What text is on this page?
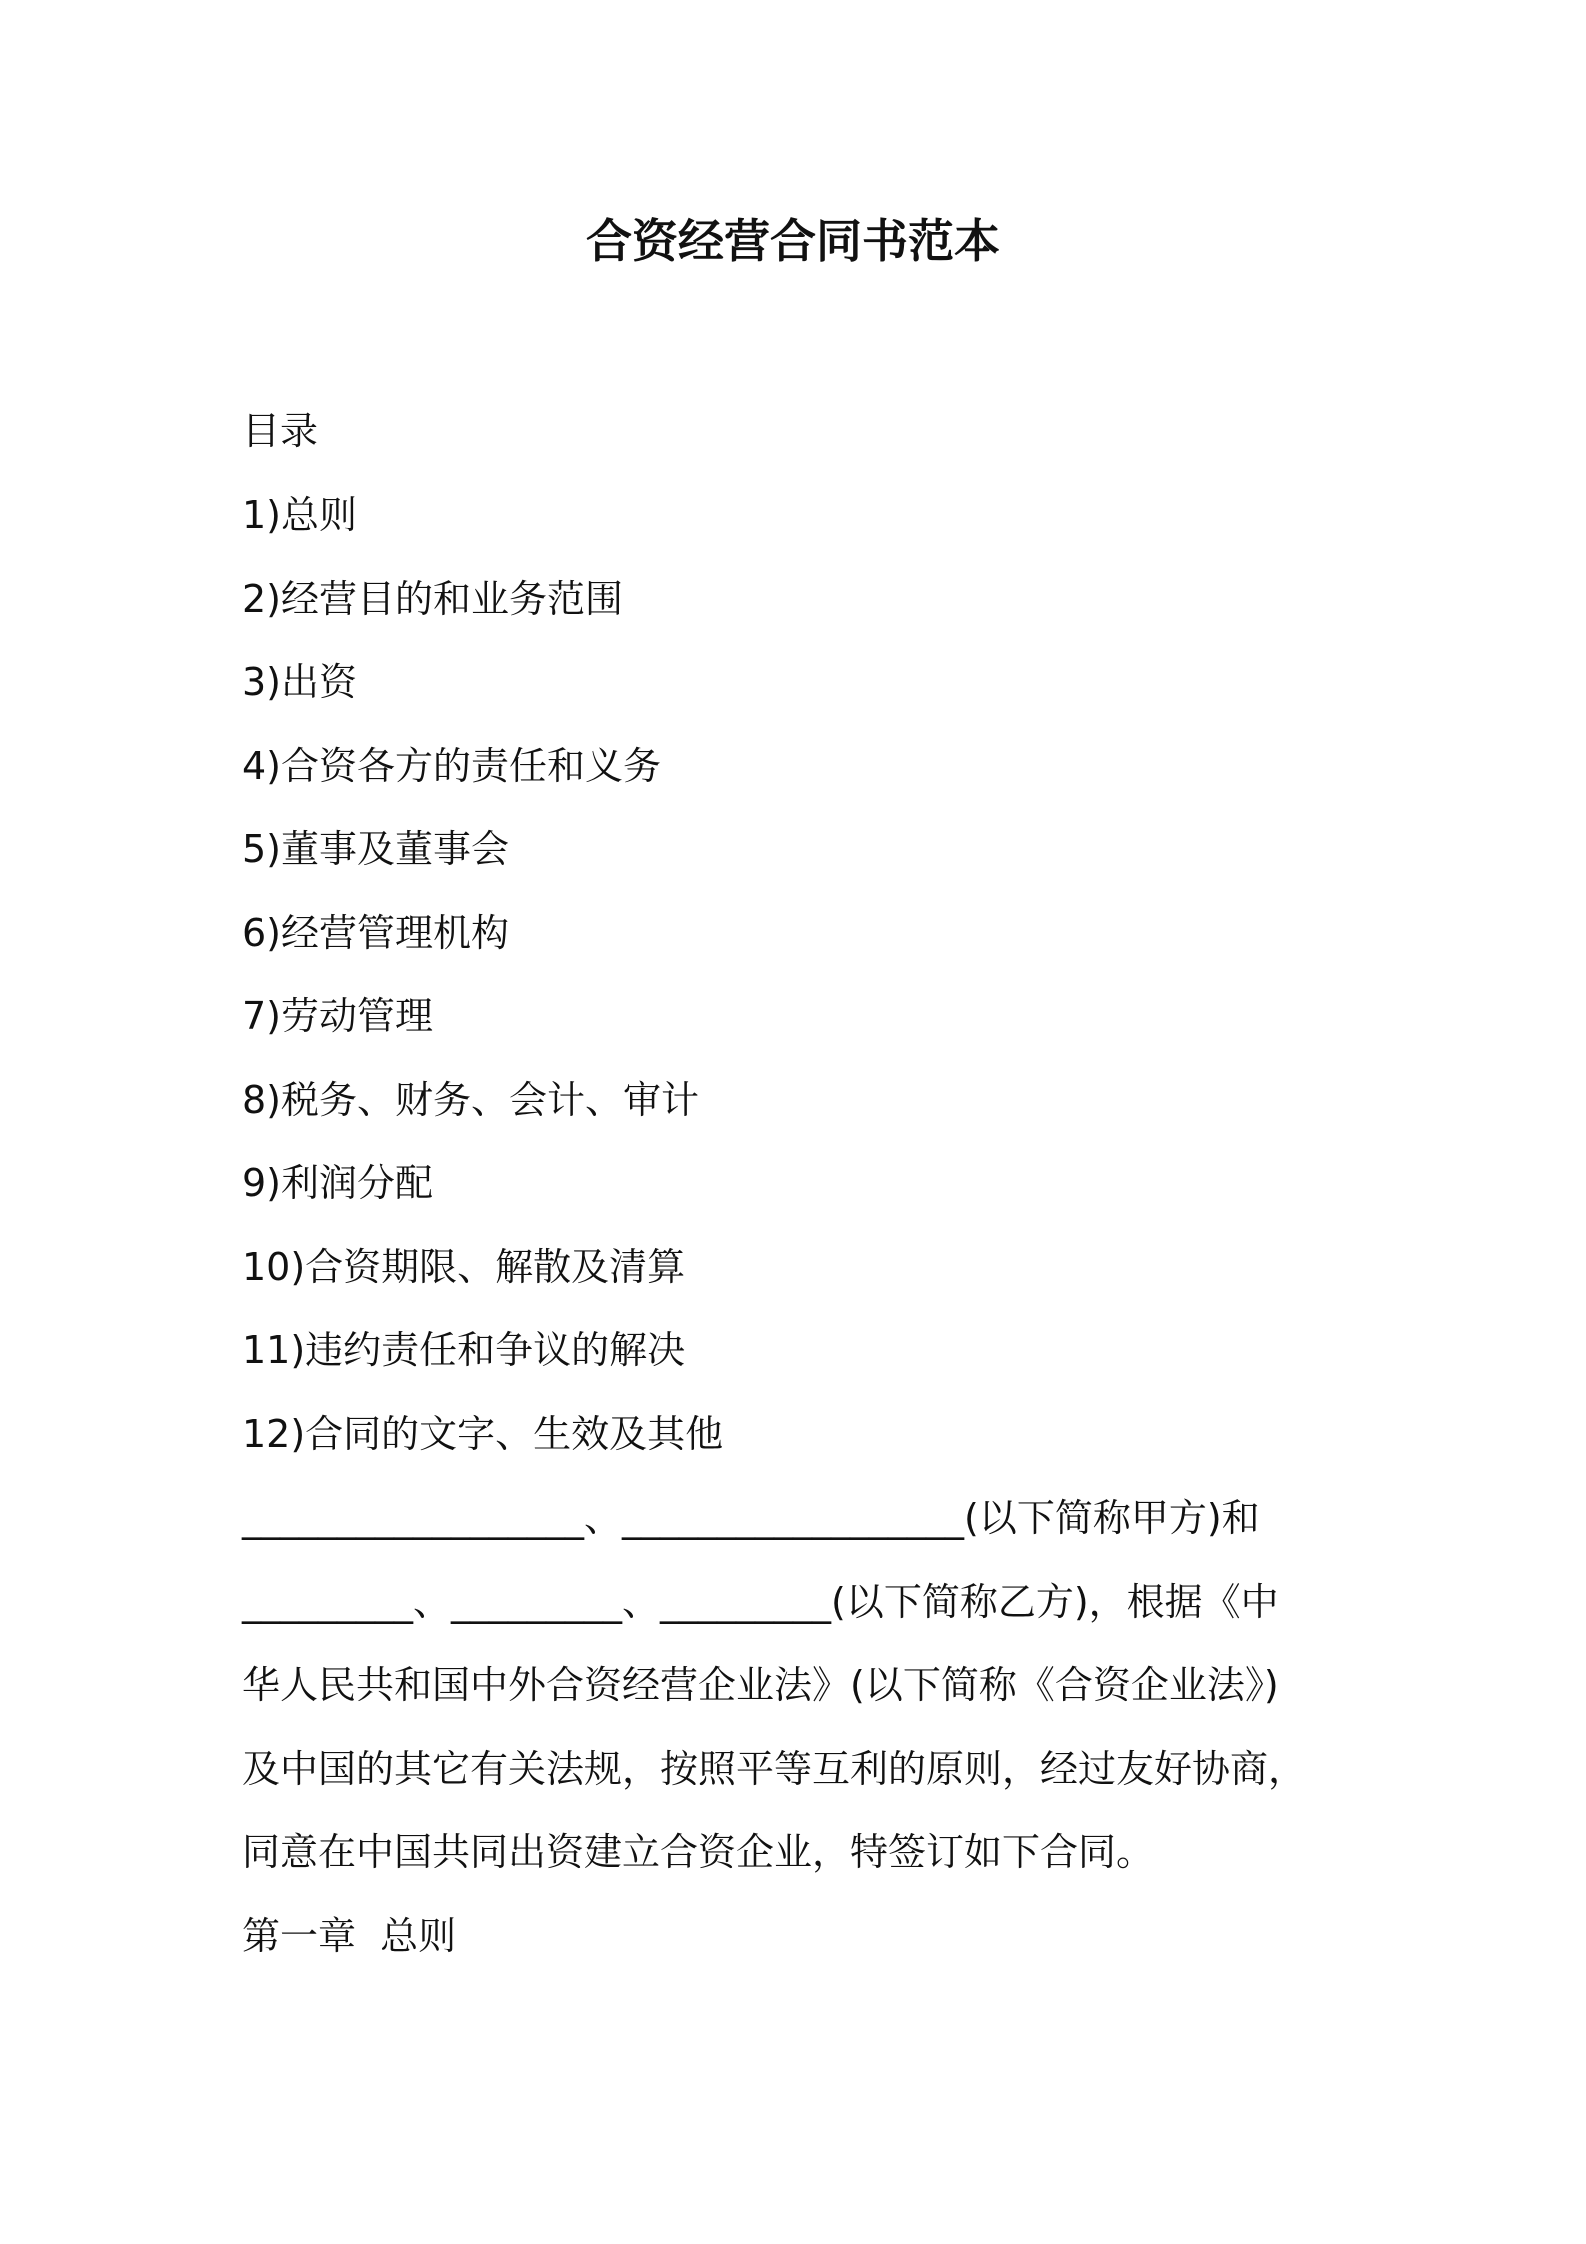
合资经营合同书范本
目录
1)总则
2)经营目的和业务范围
3)出资
4)合资各方的责任和义务
5)董事及董事会
6)经营管理机构
7)劳动管理
8)税务、财务、会计、审计
9)利润分配
10)合资期限、解散及清算
11)违约责任和争议的解决
12)合同的文字、生效及其他

__________________、__________________(以下简称甲方)和
_________、_________、_________(以下简称乙方)，根据《中
华人民共和国中外合资经营企业法》(以下简称《合资企业法》)
及中国的其它有关法规，按照平等互利的原则，经过友好协商，
同意在中国共同出资建立合资企业，特签订如下合同。

第一章  总则
